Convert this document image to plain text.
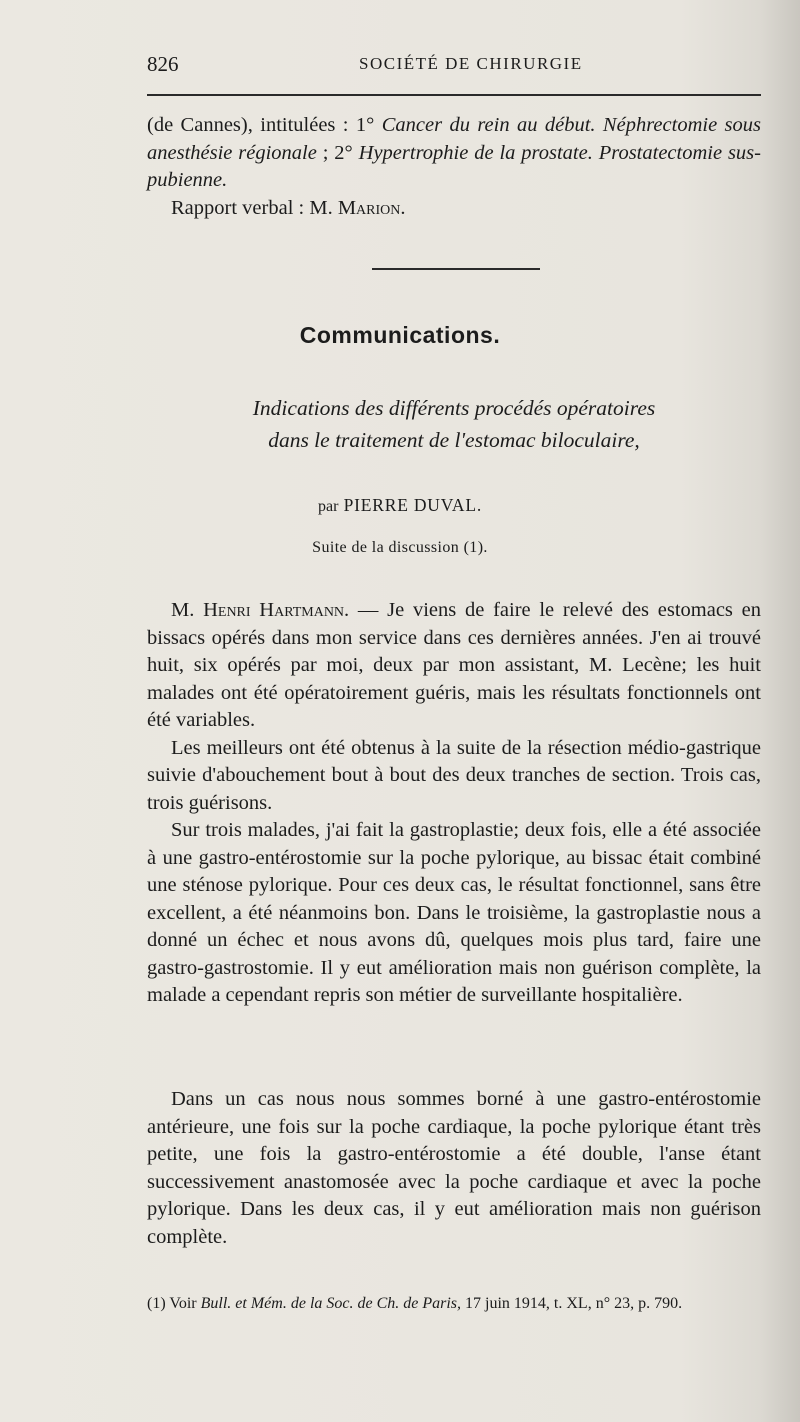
826	SOCIÉTÉ DE CHIRURGIE

(de Cannes), intitulées : 1° Cancer du rein au début. Néphrectomie sous anesthésie régionale ; 2° Hypertrophie de la prostate. Prostatectomie sus-pubienne.

Rapport verbal : M. Marion.

Communications.
Indications des différents procédés opératoires
dans le traitement de l'estomac biloculaire,
par PIERRE DUVAL.
Suite de la discussion (1).

M. Henri Hartmann. — Je viens de faire le relevé des estomacs en bissacs opérés dans mon service dans ces dernières années. J'en ai trouvé huit, six opérés par moi, deux par mon assistant, M. Lecène; les huit malades ont été opératoirement guéris, mais les résultats fonctionnels ont été variables.

Les meilleurs ont été obtenus à la suite de la résection médio-gastrique suivie d'abouchement bout à bout des deux tranches de section. Trois cas, trois guérisons.

Sur trois malades, j'ai fait la gastroplastie; deux fois, elle a été associée à une gastro-entérostomie sur la poche pylorique, au bissac était combiné une sténose pylorique. Pour ces deux cas, le résultat fonctionnel, sans être excellent, a été néanmoins bon. Dans le troisième, la gastroplastie nous a donné un échec et nous avons dû, quelques mois plus tard, faire une gastro-gastrostomie. Il y eut amélioration mais non guérison complète, la malade a cependant repris son métier de surveillante hospitalière.

Dans un cas nous nous sommes borné à une gastro-entérostomie antérieure, une fois sur la poche cardiaque, la poche pylorique étant très petite, une fois la gastro-entérostomie a été double, l'anse étant successivement anastomosée avec la poche cardiaque et avec la poche pylorique. Dans les deux cas, il y eut amélioration mais non guérison complète.

(1) Voir Bull. et Mém. de la Soc. de Ch. de Paris, 17 juin 1914, t. XL, n° 23, p. 790.
